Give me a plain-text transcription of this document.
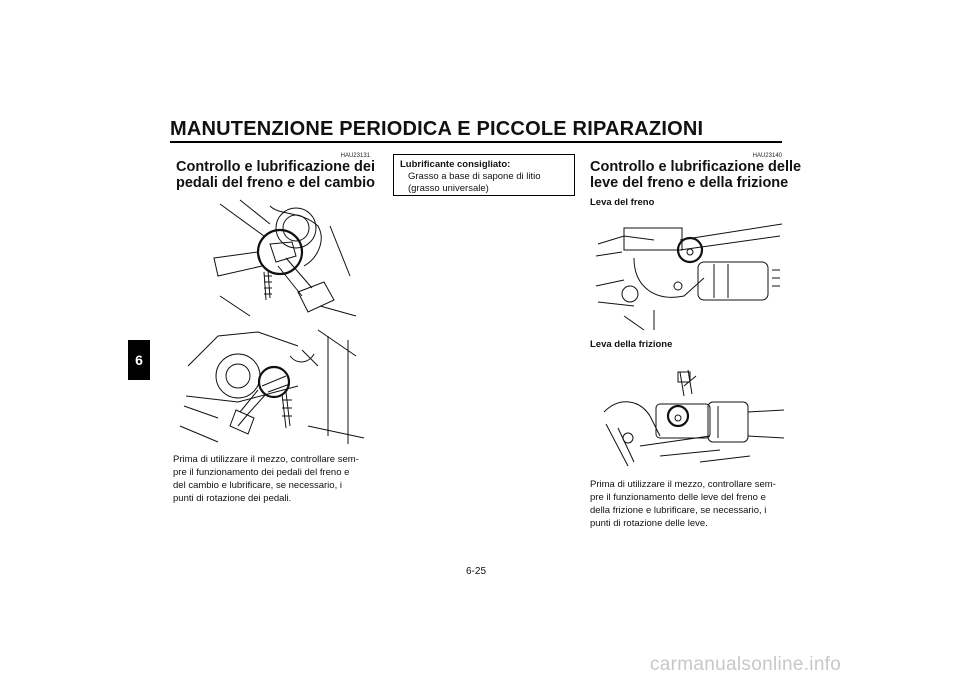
MANUTENZIONE PERIODICA E PICCOLE RIPARAZIONI
6
HAU23131
Controllo e lubrificazione dei
pedali del freno e del cambio
Prima di utilizzare il mezzo, controllare sem-
pre il funzionamento dei pedali del freno e
del cambio e lubrificare, se necessario, i
punti di rotazione dei pedali.
Lubrificante consigliato:
Grasso a base di sapone di litio
(grasso universale)
HAU23140
Controllo e lubrificazione delle
leve del freno e della frizione
Leva del freno
Leva della frizione
Prima di utilizzare il mezzo, controllare sem-
pre il funzionamento delle leve del freno e
della frizione e lubrificare, se necessario, i
punti di rotazione delle leve.
6-25
carmanualsonline.info
